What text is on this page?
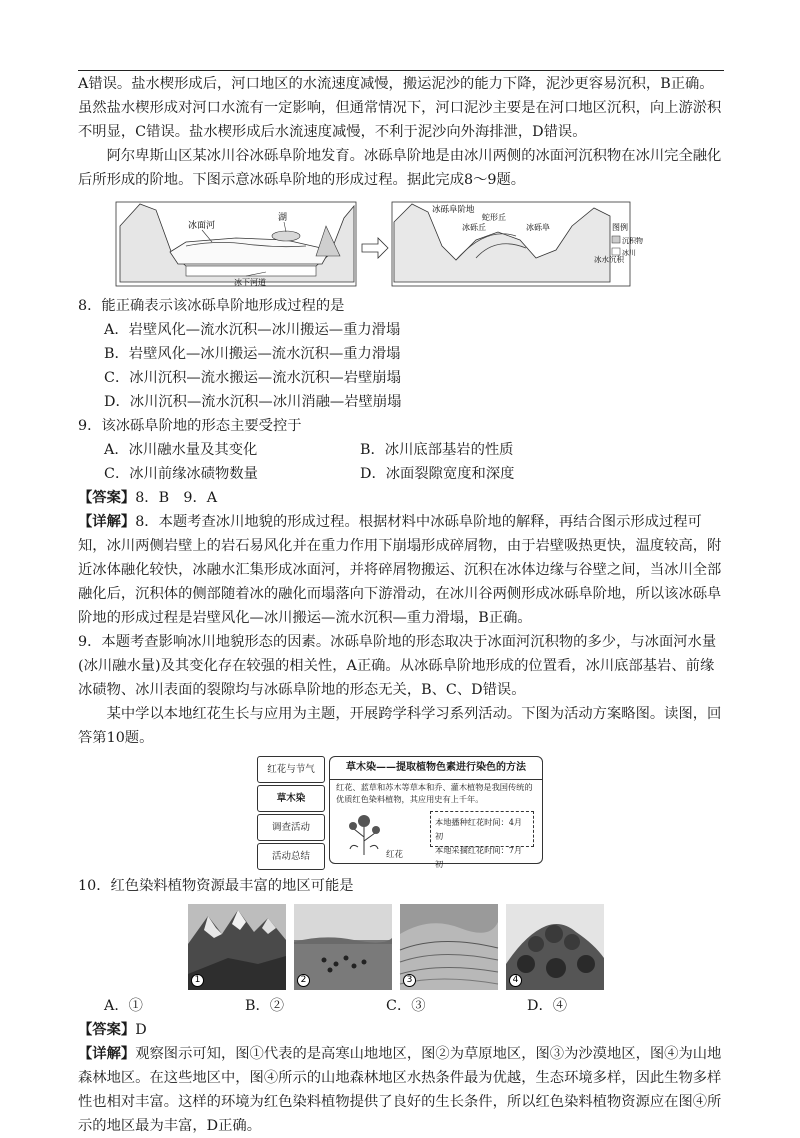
A错误。盐水楔形成后，河口地区的水流速度减慢，搬运泥沙的能力下降，泥沙更容易沉积，B正确。虽然盐水楔形成对河口水流有一定影响，但通常情况下，河口泥沙主要是在河口地区沉积，向上游淤积不明显，C错误。盐水楔形成后水流速度减慢，不利于泥沙向外海排泄，D错误。

阿尔卑斯山区某冰川谷冰砾阜阶地发育。冰砾阜阶地是由冰川两侧的冰面河沉积物在冰川完全融化后所形成的阶地。下图示意冰砾阜阶地的形成过程。据此完成8～9题。

冰面河
湖
冰下河道
冰砾阜阶地
冰砾丘
蛇形丘
冰砾阜
冰水沉积
图例
沉积物
冰川

8．能正确表示该冰砾阜阶地形成过程的是

A．岩壁风化—流水沉积—冰川搬运—重力滑塌

B．岩壁风化—冰川搬运—流水沉积—重力滑塌

C．冰川沉积—流水搬运—流水沉积—岩壁崩塌

D．冰川沉积—流水沉积—冰川消融—岩壁崩塌

9．该冰砾阜阶地的形态主要受控于

A．冰川融水量及其变化	B．冰川底部基岩的性质
C．冰川前缘冰碛物数量	D．冰面裂隙宽度和深度

【答案】8．B　9．A

【详解】8．本题考查冰川地貌的形成过程。根据材料中冰砾阜阶地的解释，再结合图示形成过程可知，冰川两侧岩壁上的岩石易风化并在重力作用下崩塌形成碎屑物，由于岩壁吸热更快，温度较高，附近冰体融化较快，冰融水汇集形成冰面河，并将碎屑物搬运、沉积在冰体边缘与谷壁之间，当冰川全部融化后，沉积体的侧部随着冰的融化而塌落向下游滑动，在冰川谷两侧形成冰砾阜阶地，所以该冰砾阜阶地的形成过程是岩壁风化—冰川搬运—流水沉积—重力滑塌，B正确。

9．本题考查影响冰川地貌形态的因素。冰砾阜阶地的形态取决于冰面河沉积物的多少，与冰面河水量(冰川融水量)及其变化存在较强的相关性，A正确。从冰砾阜阶地形成的位置看，冰川底部基岩、前缘冰碛物、冰川表面的裂隙均与冰砾阜阶地的形态无关，B、C、D错误。

某中学以本地红花生长与应用为主题，开展跨学科学习系列活动。下图为活动方案略图。读图，回答第10题。

红花与节气
草木染
调查活动
活动总结
草木染——提取植物色素进行染色的方法
红花、蓝草和苏木等草本和乔、灌木植物是我国传统的优质红色染料植物，其应用史有上千年。
红花
本地播种红花时间：4月初
本地采摘红花时间：7月初

10．红色染料植物资源最丰富的地区可能是

1	2	3	4
A．①	B．②	C．③	D．④

【答案】D

【详解】观察图示可知，图①代表的是高寒山地地区，图②为草原地区，图③为沙漠地区，图④为山地森林地区。在这些地区中，图④所示的山地森林地区水热条件最为优越，生态环境多样，因此生物多样性也相对丰富。这样的环境为红色染料植物提供了良好的生长条件，所以红色染料植物资源应在图④所示的地区最为丰富，D正确。
